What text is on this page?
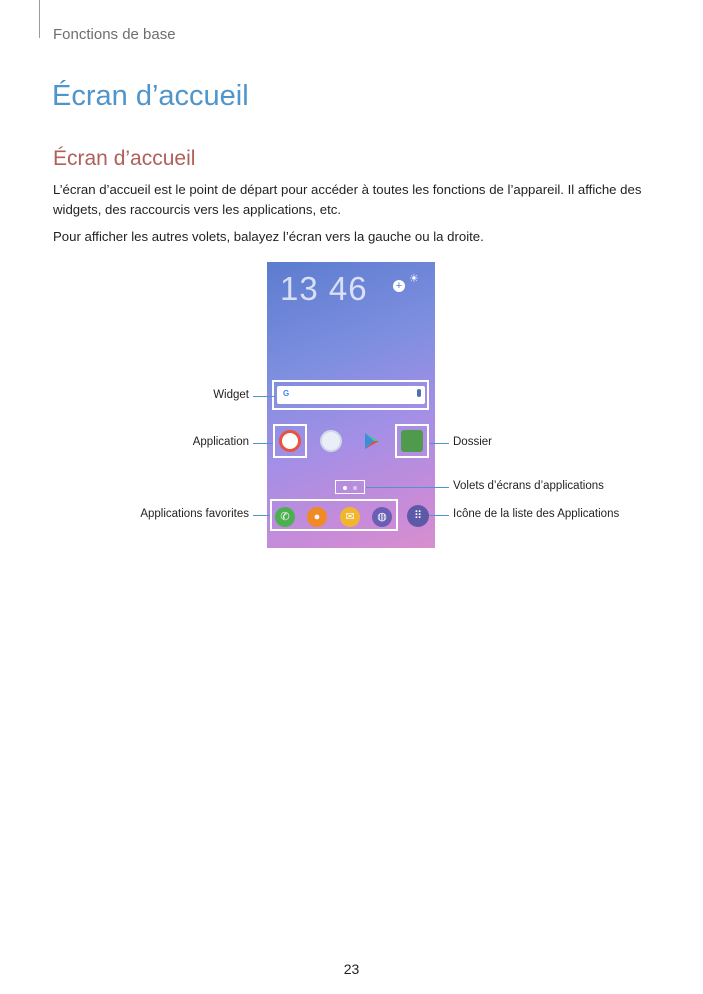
Fonctions de base
Écran d’accueil
Écran d’accueil

L’écran d’accueil est le point de départ pour accéder à toutes les fonctions de l’appareil. Il affiche des widgets, des raccourcis vers les applications, etc.

Pour afficher les autres volets, balayez l’écran vers la gauche ou la droite.

13 46	+
☀
G
✆	●	✉	◍	⠿
Widget
Application
Applications favorites
Dossier
Volets d’écrans d’applications
Icône de la liste des Applications
23
